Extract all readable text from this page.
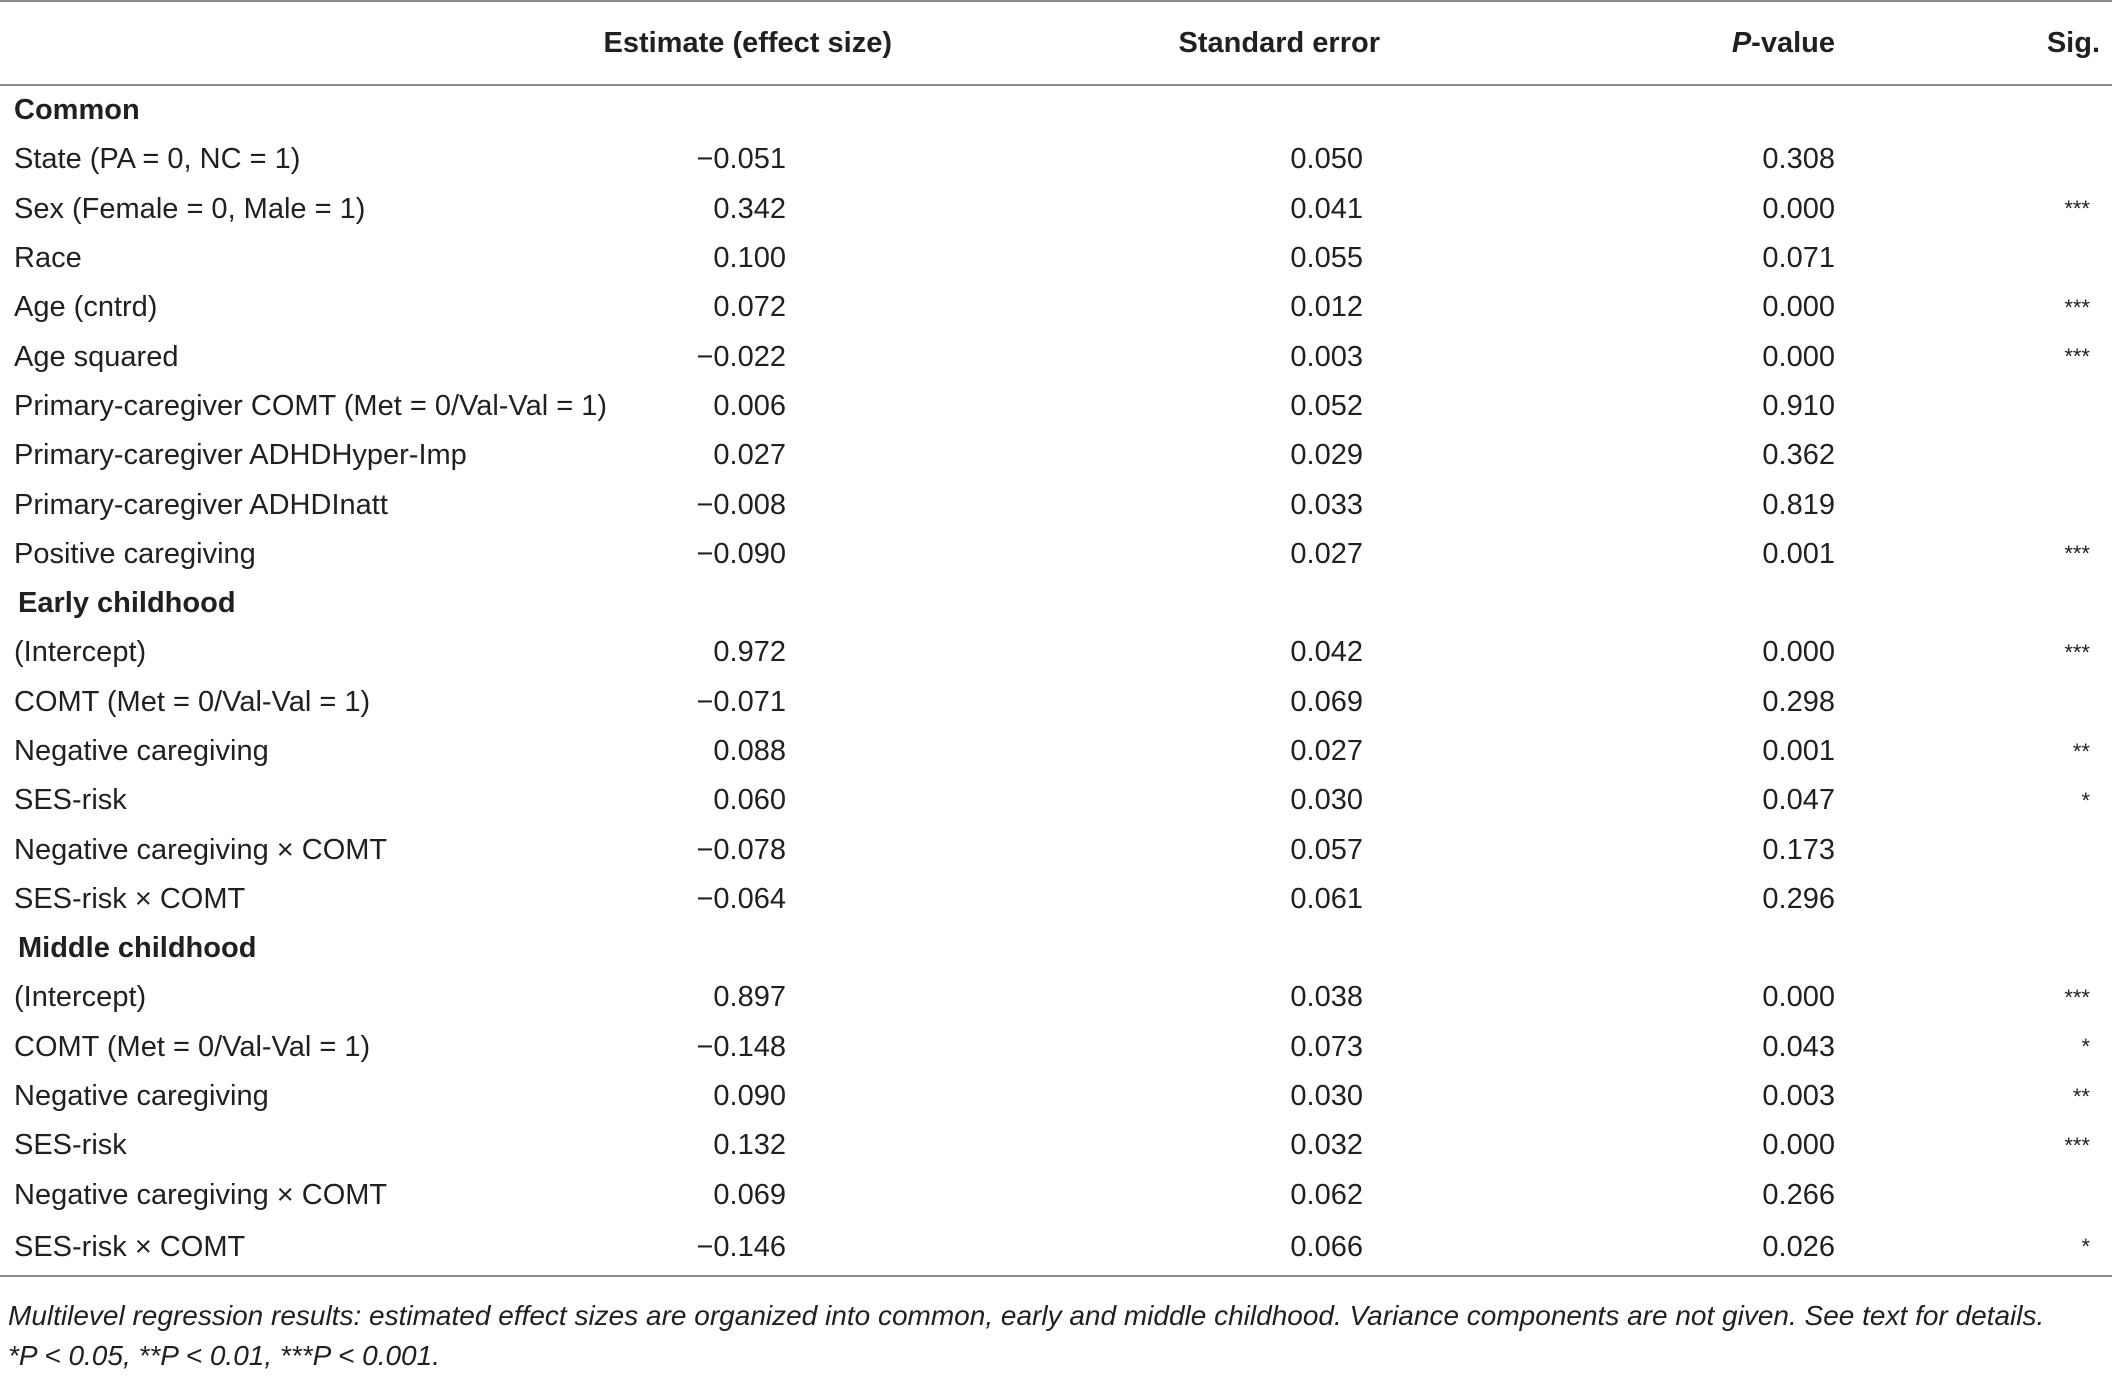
	Estimate (effect size)	Standard error	P-value	Sig.
Common				
State (PA = 0, NC = 1)	−0.051	0.050	0.308	
Sex (Female = 0, Male = 1)	0.342	0.041	0.000	***
Race	0.100	0.055	0.071	
Age (cntrd)	0.072	0.012	0.000	***
Age squared	−0.022	0.003	0.000	***
Primary-caregiver COMT (Met = 0/Val-Val = 1)	0.006	0.052	0.910	
Primary-caregiver ADHDHyper-Imp	0.027	0.029	0.362	
Primary-caregiver ADHDInatt	−0.008	0.033	0.819	
Positive caregiving	−0.090	0.027	0.001	***
Early childhood				
(Intercept)	0.972	0.042	0.000	***
COMT (Met = 0/Val-Val = 1)	−0.071	0.069	0.298	
Negative caregiving	0.088	0.027	0.001	**
SES-risk	0.060	0.030	0.047	*
Negative caregiving × COMT	−0.078	0.057	0.173	
SES-risk × COMT	−0.064	0.061	0.296	
Middle childhood				
(Intercept)	0.897	0.038	0.000	***
COMT (Met = 0/Val-Val = 1)	−0.148	0.073	0.043	*
Negative caregiving	0.090	0.030	0.003	**
SES-risk	0.132	0.032	0.000	***
Negative caregiving × COMT	0.069	0.062	0.266	
SES-risk × COMT	−0.146	0.066	0.026	*
Multilevel regression results: estimated effect sizes are organized into common, early and middle childhood. Variance components are not given. See text for details.
*P < 0.05, **P < 0.01, ***P < 0.001.
